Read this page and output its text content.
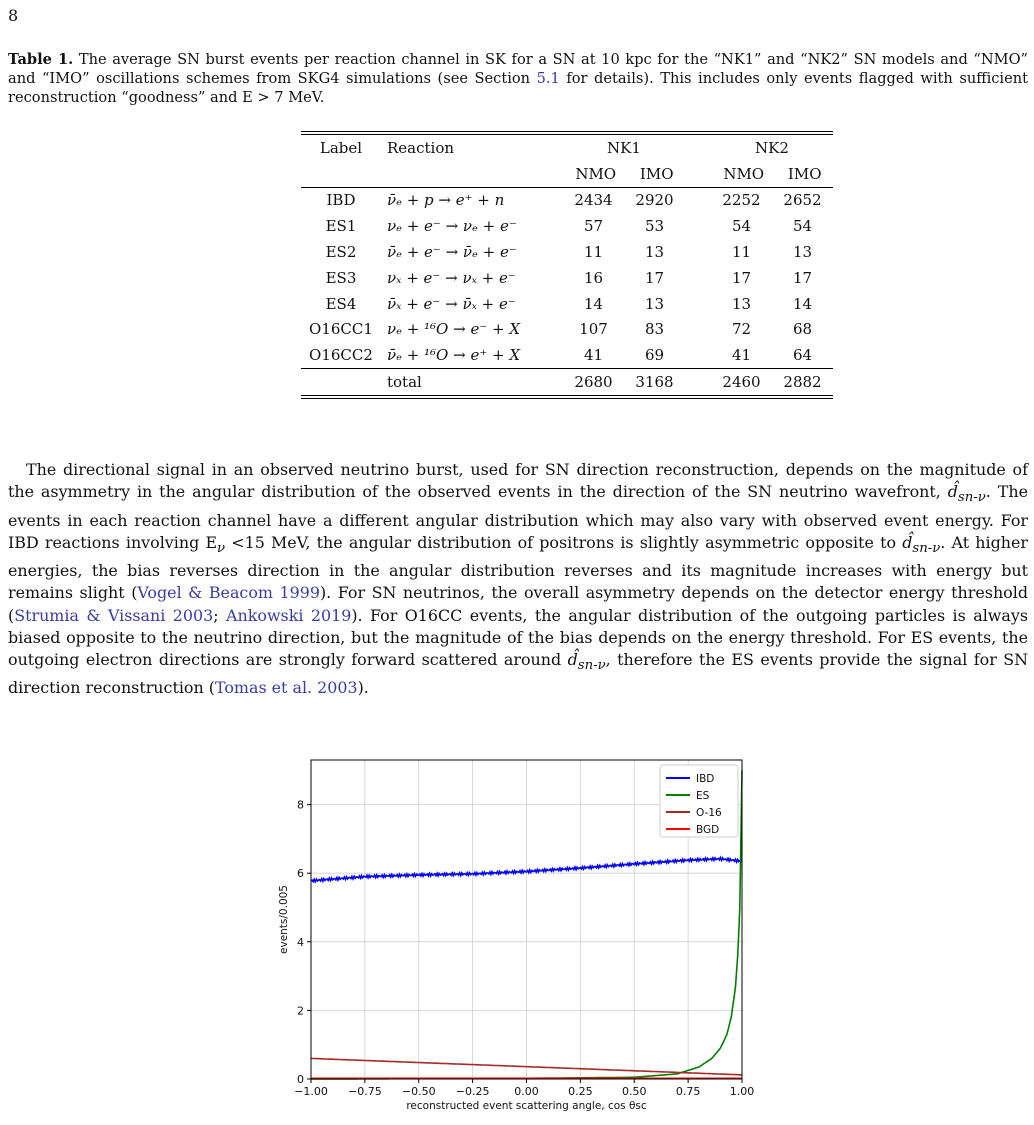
8
Table 1. The average SN burst events per reaction channel in SK for a SN at 10 kpc for the “NK1” and “NK2” SN models and “NMO” and “IMO” oscillations schemes from SKG4 simulations (see Section 5.1 for details). This includes only events flagged with sufficient reconstruction “goodness” and E > 7 MeV.
Label	Reaction	NK1			NK2	
		NMO	IMO		NMO	IMO
IBD	ν̄ₑ + p → e⁺ + n	2434	2920		2252	2652
ES1	νₑ + e⁻ → νₑ + e⁻	57	53		54	54
ES2	ν̄ₑ + e⁻ → ν̄ₑ + e⁻	11	13		11	13
ES3	νₓ + e⁻ → νₓ + e⁻	16	17		17	17
ES4	ν̄ₓ + e⁻ → ν̄ₓ + e⁻	14	13		13	14
O16CC1	νₑ + ¹⁶O → e⁻ + X	107	83		72	68
O16CC2	ν̄ₑ + ¹⁶O → e⁺ + X	41	69		41	64
	total	2680	3168		2460	2882

The directional signal in an observed neutrino burst, used for SN direction reconstruction, depends on the magnitude of the asymmetry in the angular distribution of the observed events in the direction of the SN neutrino wavefront, $d̂_{sn-\nu}$. The events in each reaction channel have a different angular distribution which may also vary with observed event energy. For IBD reactions involving $E_\nu <15$ MeV, the angular distribution of positrons is slightly asymmetric opposite to $d̂_{sn-\nu}$. At higher energies, the bias reverses direction in the angular distribution reverses and its magnitude increases with energy but remains slight (Vogel & Beacom 1999). For SN neutrinos, the overall asymmetry depends on the detector energy threshold (Strumia & Vissani 2003; Ankowski 2019). For O16CC events, the angular distribution of the outgoing particles is always biased opposite to the neutrino direction, but the magnitude of the bias depends on the energy threshold. For ES events, the outgoing electron directions are strongly forward scattered around $d̂_{sn-\nu}$, therefore the ES events provide the signal for SN direction reconstruction (Tomas et al. 2003).

−1.00 −0.75 −0.50 −0.25 0.00	0.25	0.50	0.75	1.00
0
2
4
6
8
reconstructed event scattering angle, cos θsc
events/0.005
IBD
ES
O-16
BGD
